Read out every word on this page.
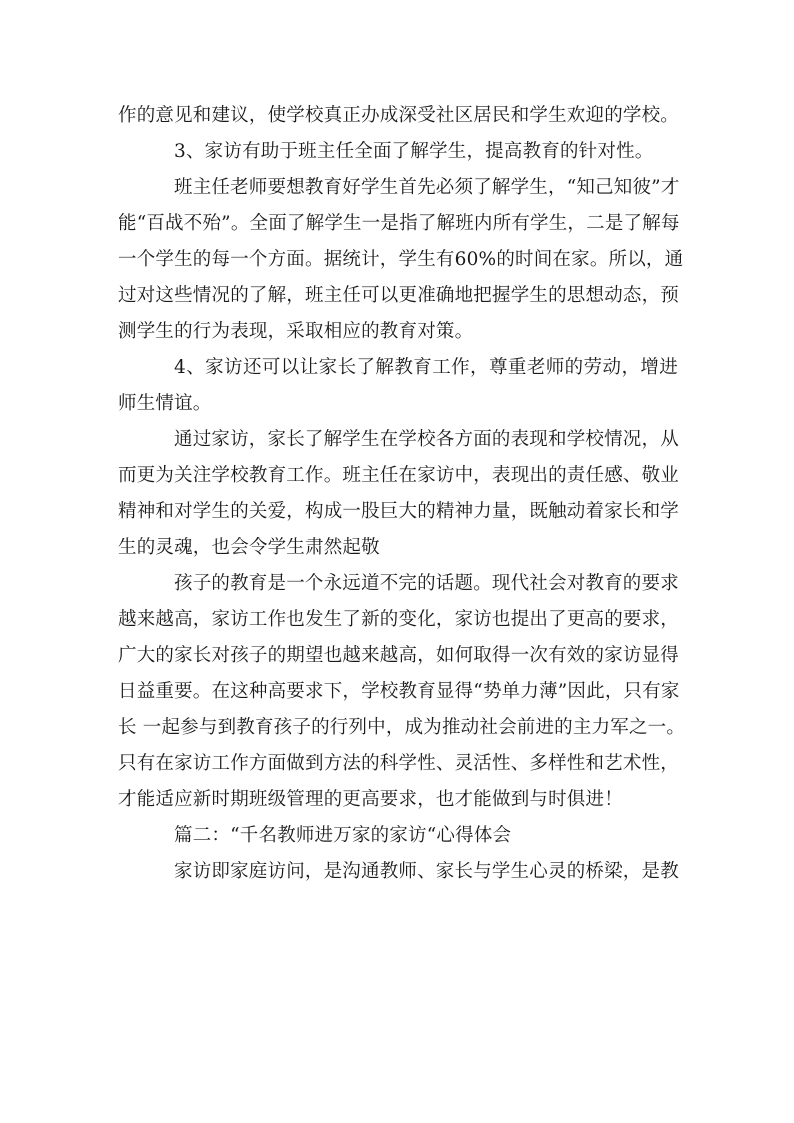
作的意见和建议，使学校真正办成深受社区居民和学生欢迎的学校。
3、家访有助于班主任全面了解学生，提高教育的针对性。
班主任老师要想教育好学生首先必须了解学生，“知己知彼”才
能“百战不殆”。全面了解学生一是指了解班内所有学生，二是了解每
一个学生的每一个方面。据统计，学生有60%的时间在家。所以，通
过对这些情况的了解，班主任可以更准确地把握学生的思想动态，预
测学生的行为表现，采取相应的教育对策。
4、家访还可以让家长了解教育工作，尊重老师的劳动，增进
师生情谊。
通过家访，家长了解学生在学校各方面的表现和学校情况，从
而更为关注学校教育工作。班主任在家访中，表现出的责任感、敬业
精神和对学生的关爱，构成一股巨大的精神力量，既触动着家长和学
生的灵魂，也会令学生肃然起敬
孩子的教育是一个永远道不完的话题。现代社会对教育的要求
越来越高，家访工作也发生了新的变化，家访也提出了更高的要求，
广大的家长对孩子的期望也越来越高，如何取得一次有效的家访显得
日益重要。在这种高要求下，学校教育显得“势单力薄”因此，只有家
长 一起参与到教育孩子的行列中，成为推动社会前进的主力军之一。
只有在家访工作方面做到方法的科学性、灵活性、多样性和艺术性，
才能适应新时期班级管理的更高要求，也才能做到与时俱进！
篇二：“千名教师进万家的家访“心得体会
家访即家庭访问，是沟通教师、家长与学生心灵的桥梁，是教
